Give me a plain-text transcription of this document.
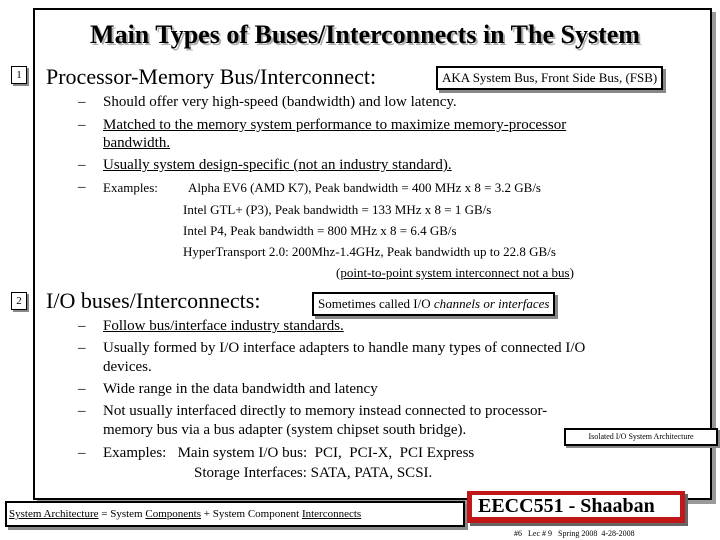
Main Types of Buses/Interconnects in The System
1 Processor-Memory Bus/Interconnect:	AKA System Bus, Front Side Bus, (FSB)
– Should offer very high-speed (bandwidth) and low latency.
– Matched to the memory system performance to maximize memory-processor
bandwidth.
– Usually system design-specific (not an industry standard).
– Examples: Alpha EV6 (AMD K7), Peak bandwidth = 400 MHz x 8 = 3.2 GB/s
Intel GTL+ (P3), Peak bandwidth = 133 MHz x 8 = 1 GB/s
Intel P4, Peak bandwidth = 800 MHz x 8 = 6.4 GB/s
HyperTransport 2.0: 200Mhz-1.4GHz, Peak bandwidth up to 22.8 GB/s
(point-to-point system interconnect not a bus)
2 I/O buses/Interconnects:	Sometimes called I/O channels or interfaces
– Follow bus/interface industry standards.
– Usually formed by I/O interface adapters to handle many types of connected I/O
devices.
– Wide range in the data bandwidth and latency
– Not usually interfaced directly to memory instead connected to processor-
memory bus via a bus adapter (system chipset south bridge).	Isolated I/O System Architecture
– Examples:   Main system I/O bus:  PCI,  PCI-X,  PCI Express
Storage Interfaces: SATA, PATA, SCSI.
System Architecture = System Components + System Component Interconnects	EECC551 - Shaaban
#6   Lec # 9   Spring 2008  4-28-2008
